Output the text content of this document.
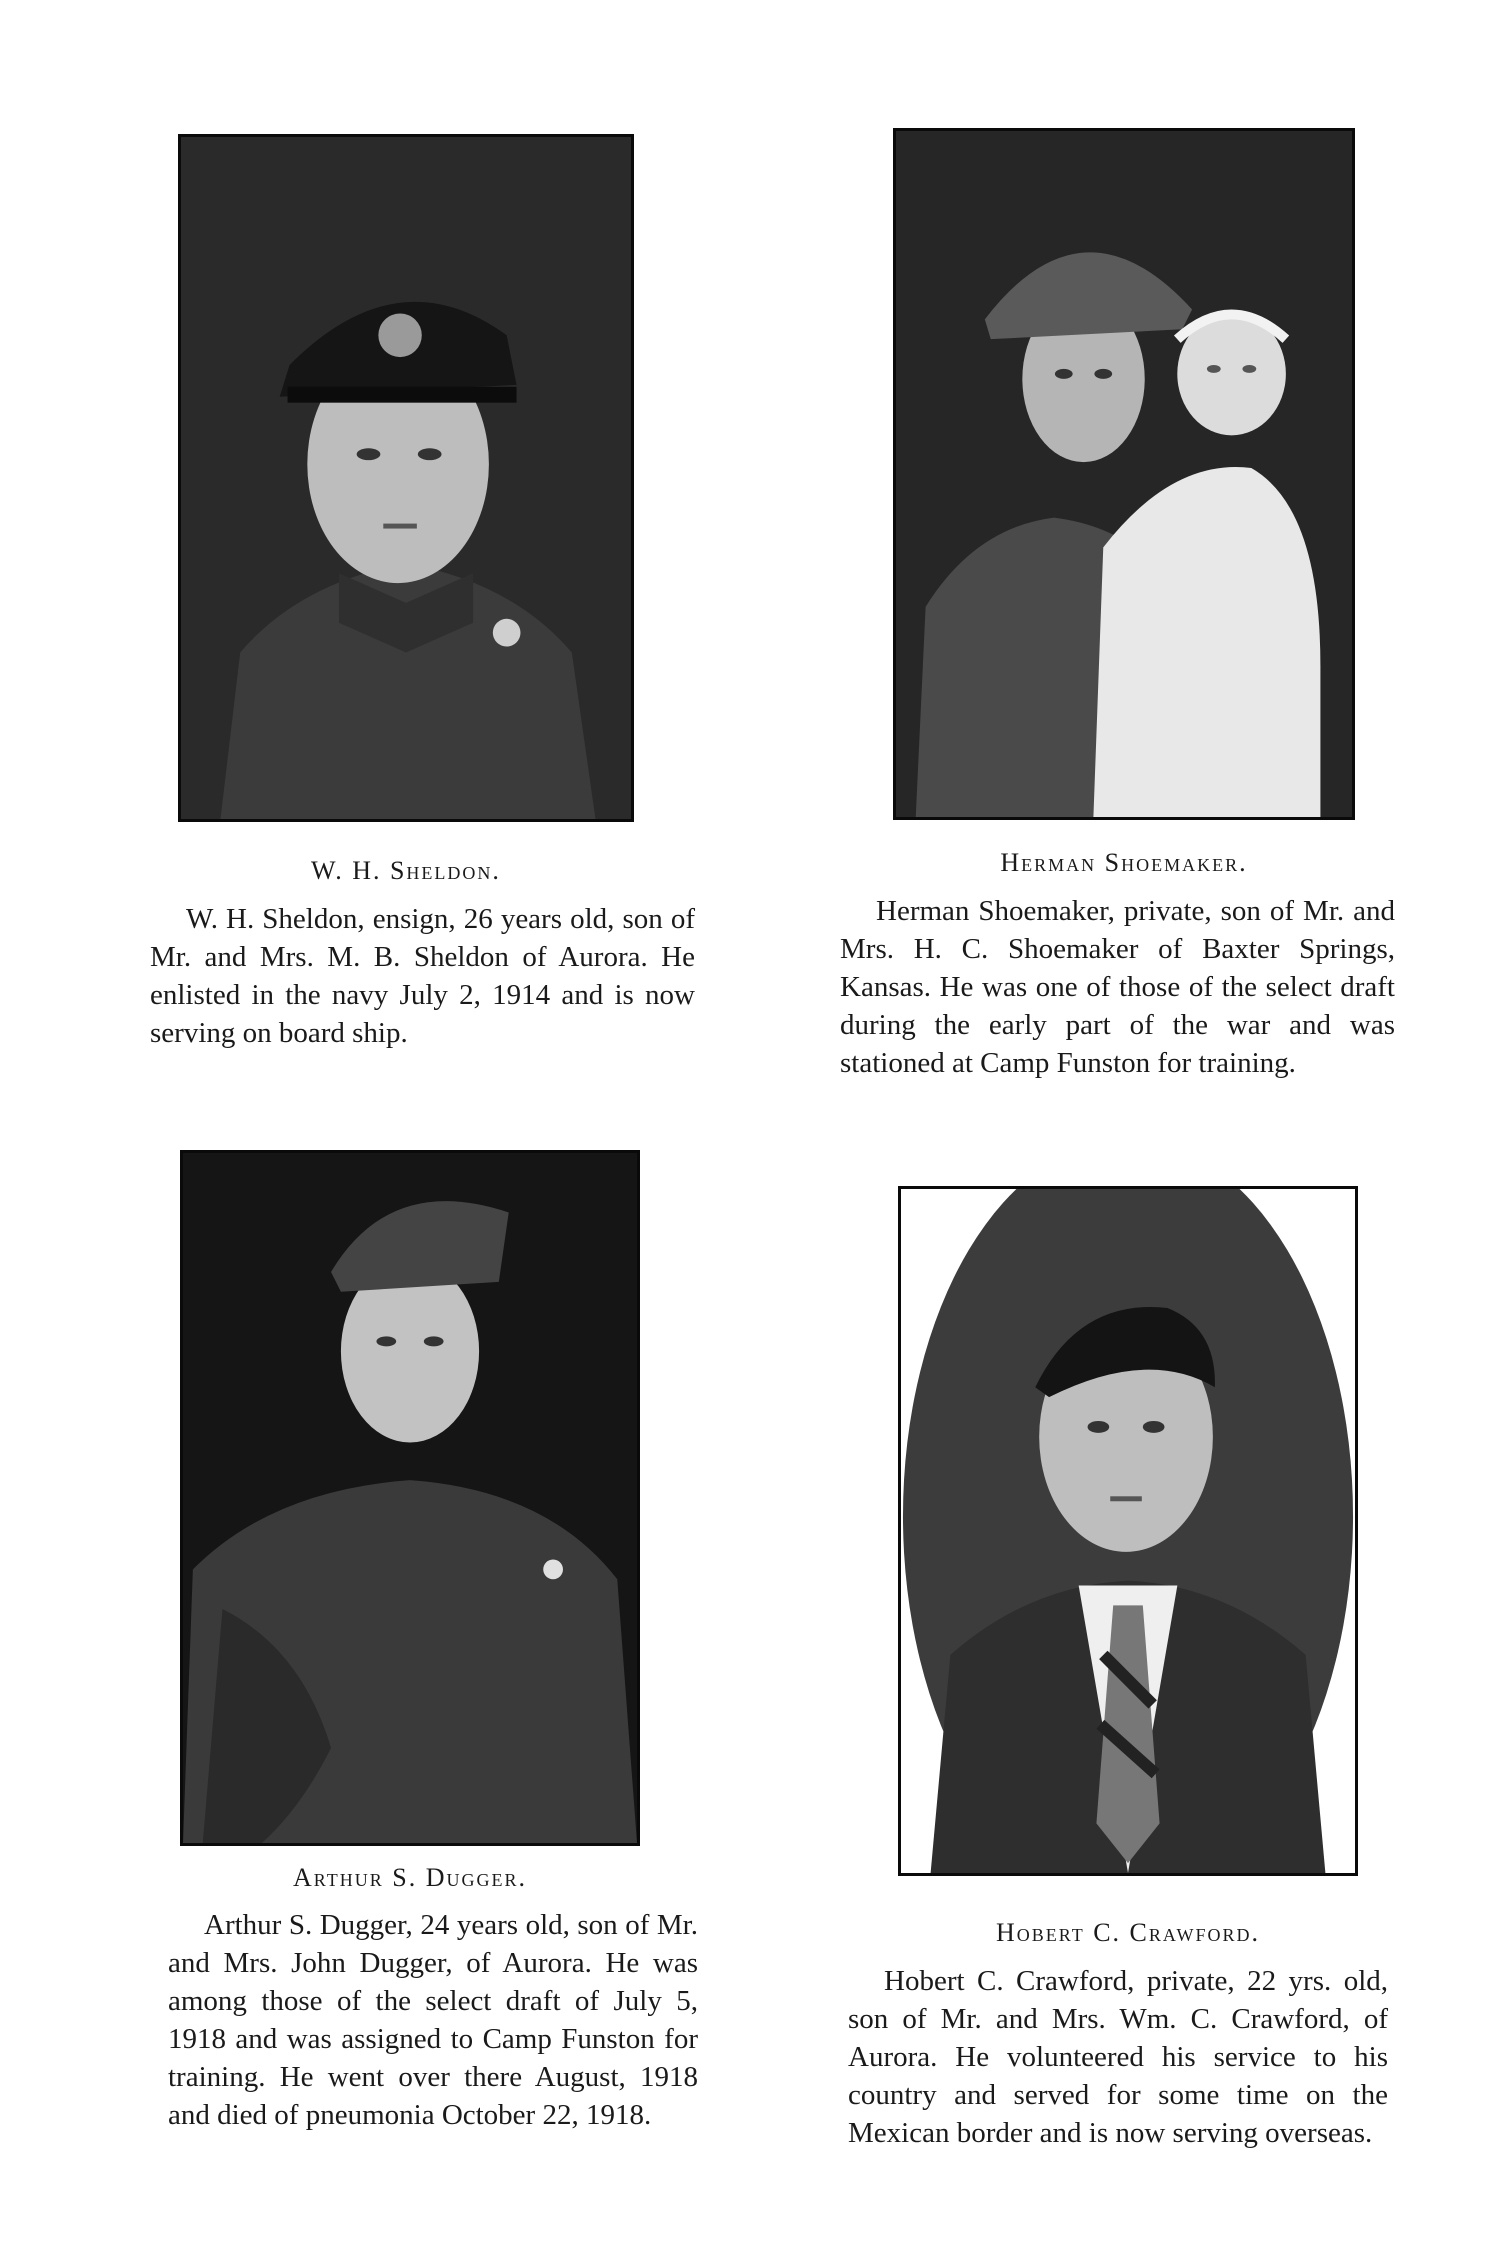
W. H. Sheldon.
W. H. Sheldon, ensign, 26 years old, son of Mr. and Mrs. M. B. Sheldon of Aurora. He enlisted in the navy July 2, 1914 and is now serving on board ship.
Herman Shoemaker.
Herman Shoemaker, private, son of Mr. and Mrs. H. C. Shoemaker of Baxter Springs, Kansas. He was one of those of the select draft during the early part of the war and was stationed at Camp Funston for training.
Arthur S. Dugger.
Arthur S. Dugger, 24 years old, son of Mr. and Mrs. John Dugger, of Aurora. He was among those of the select draft of July 5, 1918 and was assigned to Camp Funston for training. He went over there August, 1918 and died of pneumonia October 22, 1918.
Hobert C. Crawford.
Hobert C. Crawford, private, 22 yrs. old, son of Mr. and Mrs. Wm. C. Crawford, of Aurora. He volunteered his service to his country and served for some time on the Mexican border and is now serving overseas.
